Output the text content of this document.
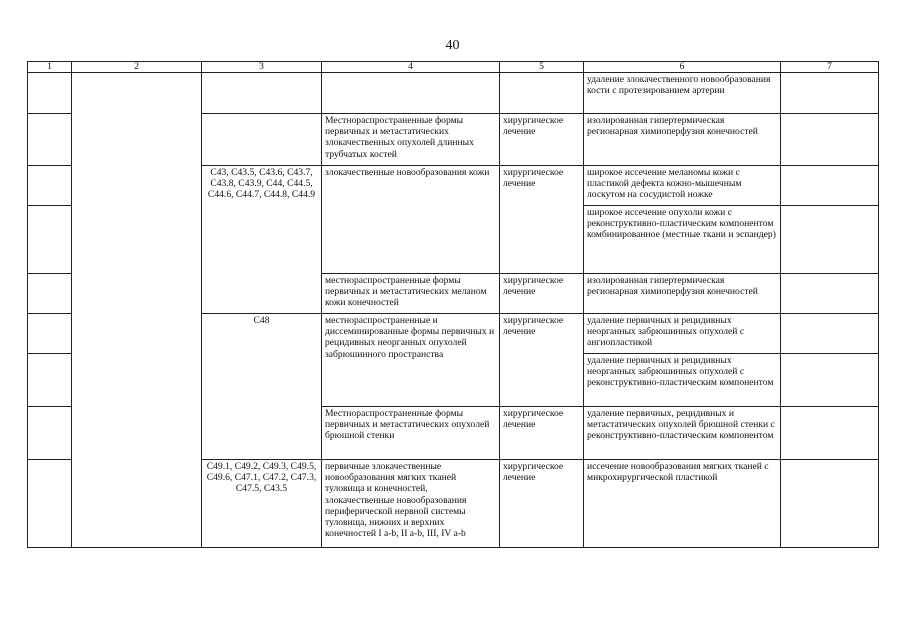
40
1	2	3	4	5	6	7
					удаление злокачественного новообразования кости с протезированием артерии	
			Местнораспространенные формы первичных и метастатических злокачественных опухолей длинных трубчатых костей	хирургическое лечение	изолированная гипертермическая регионарная химиоперфузия конечностей	
		C43, C43.5, C43.6, C43.7, C43.8, C43.9, C44, C44.5, C44.6, C44.7, C44.8, C44.9	злокачественные новообразования кожи	хирургическое лечение	широкое иссечение меланомы кожи с пластикой дефекта кожно-мышечным лоскутом на сосудистой ножке	
					широкое иссечение опухоли кожи с реконструктивно-пластическим компонентом комбинированное (местные ткани и эспандер)	
			местнораспространенные формы первичных и метастатических меланом кожи конечностей	хирургическое лечение	изолированная гипертермическая регионарная химиоперфузия конечностей	
		C48	местнораспространенные и диссеминированные формы первичных и рецидивных неорганных опухолей забрюшинного пространства	хирургическое лечение	удаление первичных и рецидивных неорганных забрюшинных опухолей с ангиопластикой	
					удаление первичных и рецидивных неорганных забрюшинных опухолей с реконструктивно-пластическим компонентом	
			Местнораспространенные формы первичных и метастатических опухолей брюшной стенки	хирургическое лечение	удаление первичных, рецидивных и метастатических опухолей брюшной стенки с реконструктивно-пластическим компонентом	
		C49.1, C49.2, C49.3, C49.5, C49.6, C47.1, C47.2, C47.3, C47.5, C43.5	первичные злокачественные новообразования мягких тканей туловища и конечностей, злокачественные новообразования периферической нервной системы туловища, нижних и верхних конечностей I a-b, II a-b, III, IV a-b	хирургическое лечение	иссечение новообразования мягких тканей с микрохирургической пластикой	
